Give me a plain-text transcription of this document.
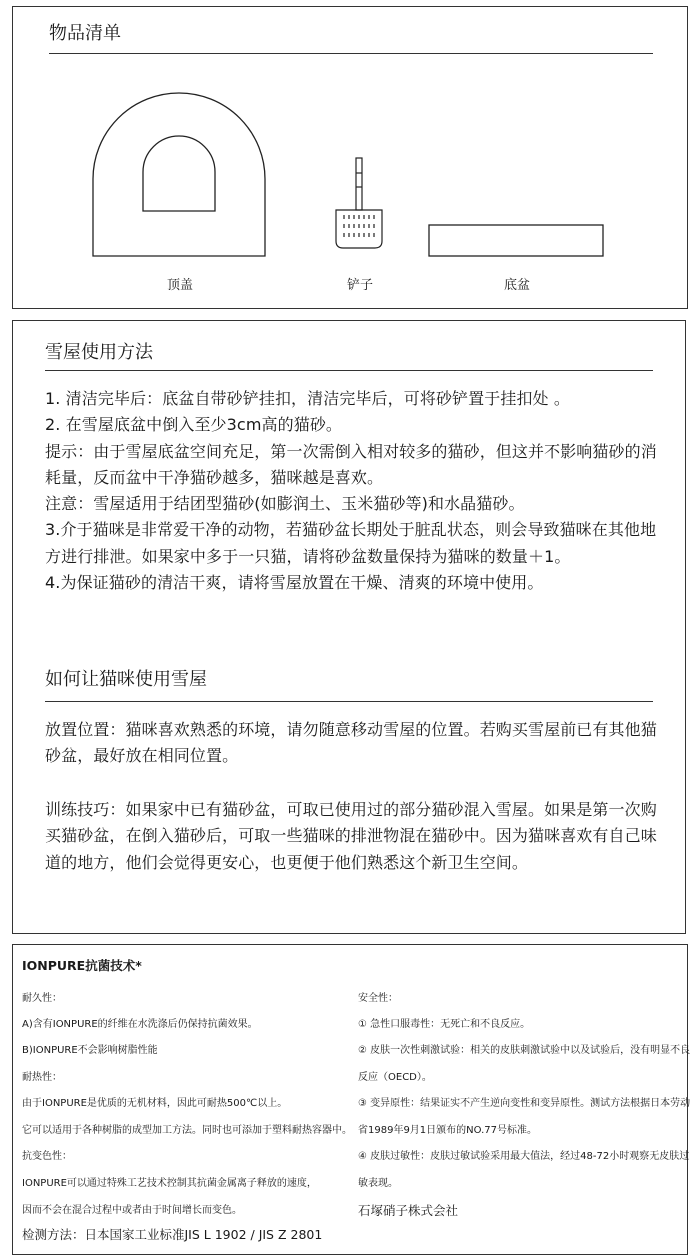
物品清单
顶盖	铲子	底盆
雪屋使用方法

1. 清洁完毕后：底盆自带砂铲挂扣，清洁完毕后，可将砂铲置于挂扣处 。

2. 在雪屋底盆中倒入至少3cm高的猫砂。

提示：由于雪屋底盆空间充足，第一次需倒入相对较多的猫砂，但这并不影响猫砂的消耗量，反而盆中干净猫砂越多，猫咪越是喜欢。

注意：雪屋适用于结团型猫砂(如膨润土、玉米猫砂等)和水晶猫砂。

3.介于猫咪是非常爱干净的动物，若猫砂盆长期处于脏乱状态，则会导致猫咪在其他地方进行排泄。如果家中多于一只猫，请将砂盆数量保持为猫咪的数量＋1。

4.为保证猫砂的清洁干爽，请将雪屋放置在干燥、清爽的环境中使用。

如何让猫咪使用雪屋
放置位置：猫咪喜欢熟悉的环境，请勿随意移动雪屋的位置。若购买雪屋前已有其他猫砂盆，最好放在相同位置。
训练技巧：如果家中已有猫砂盆，可取已使用过的部分猫砂混入雪屋。如果是第一次购买猫砂盆，在倒入猫砂后，可取一些猫咪的排泄物混在猫砂中。因为猫咪喜欢有自己味道的地方，他们会觉得更安心，也更便于他们熟悉这个新卫生空间。
IONPURE抗菌技术*
耐久性：
A)含有IONPURE的纤维在水洗涤后仍保持抗菌效果。
B)IONPURE不会影响树脂性能
耐热性：
由于IONPURE是优质的无机材料，因此可耐热500℃以上。
它可以适用于各种树脂的成型加工方法。同时也可添加于塑料耐热容器中。
抗变色性：
IONPURE可以通过特殊工艺技术控制其抗菌金属离子释放的速度，
因而不会在混合过程中或者由于时间增长而变色。
安全性：
① 急性口服毒性：无死亡和不良反应。
② 皮肤一次性刺激试验：相关的皮肤刺激试验中以及试验后，没有明显不良
反应（OECD）。
③ 变异原性：结果证实不产生逆向变性和变异原性。测试方法根据日本劳动
省1989年9月1日颁布的NO.77号标准。
④ 皮肤过敏性：皮肤过敏试验采用最大值法，经过48-72小时观察无皮肤过
敏表现。
石塚硝子株式会社
检测方法：日本国家工业标准JIS L 1902 / JIS Z 2801
